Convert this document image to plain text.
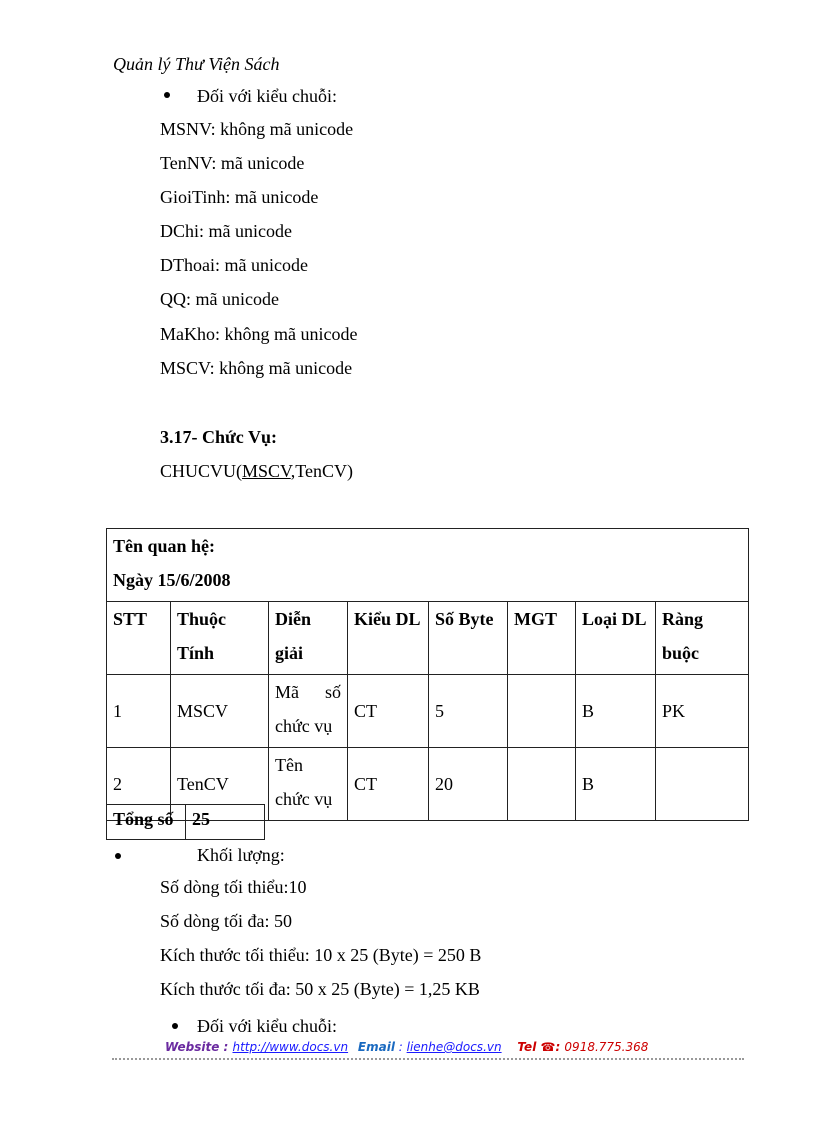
Quản lý Thư Viện Sách
Đối với kiểu chuỗi:
MSNV: không mã unicode
TenNV: mã unicode
GioiTinh: mã unicode
DChi: mã unicode
DThoai: mã unicode
QQ: mã unicode
MaKho: không mã unicode
MSCV: không mã unicode
3.17- Chức Vụ:
CHUCVU(MSCV,TenCV)
Tên quan hệ:
Ngày 15/6/2008							

STT	Thuộc Tính	Diễn giải	Kiểu DL	Số Byte	MGT	Loại DL	Ràng buộc
1	MSCV	Mã số chức vụ	CT	5		B	PK
2	TenCV	Tên chức vụ	CT	20		B	
Tổng số	25
Khối lượng:
Số dòng tối thiểu:10
Số dòng tối đa: 50
Kích thước tối thiểu: 10 x 25 (Byte) = 250 B
Kích thước tối đa: 50 x 25 (Byte) = 1,25 KB
Đối với kiểu chuỗi:
Website : http://www.docs.vn Email : lienhe@docs.vn Tel ☎: 0918.775.368
